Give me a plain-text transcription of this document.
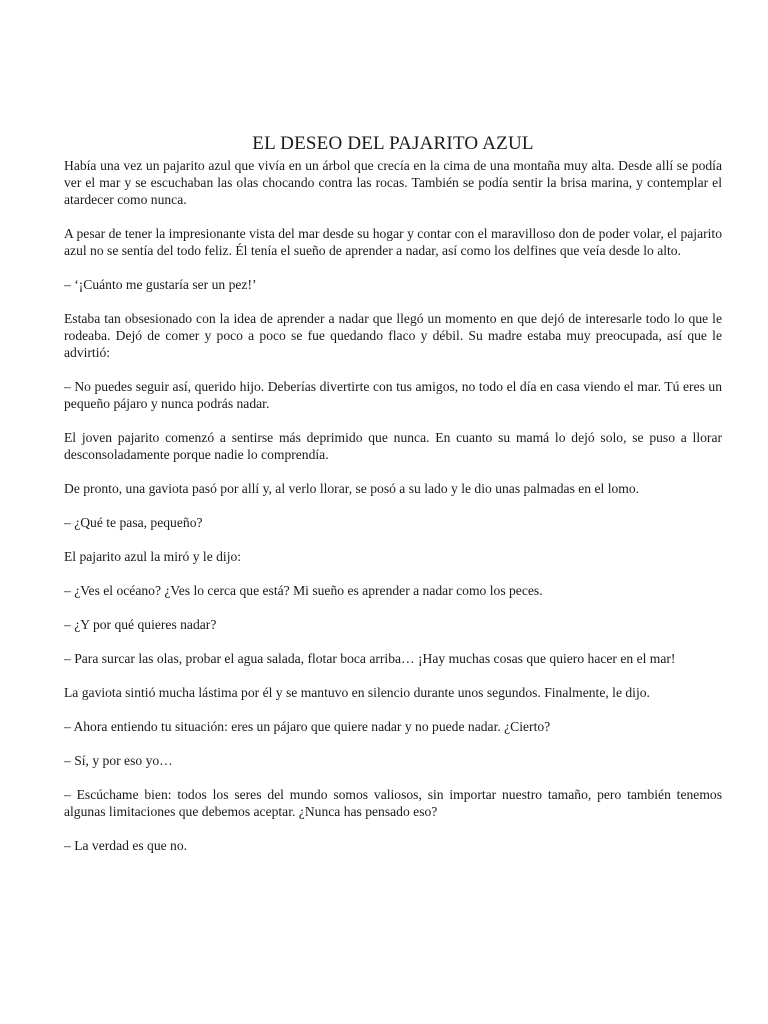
EL DESEO DEL PAJARITO AZUL

Había una vez un pajarito azul que vivía en un árbol que crecía en la cima de una montaña muy alta. Desde allí se podía ver el mar y se escuchaban las olas chocando contra las rocas. También se podía sentir la brisa marina, y contemplar el atardecer como nunca.

A pesar de tener la impresionante vista del mar desde su hogar y contar con el maravilloso don de poder volar, el pajarito azul no se sentía del todo feliz. Él tenía el sueño de aprender a nadar, así como los delfines que veía desde lo alto.

– ‘¡Cuánto me gustaría ser un pez!’

Estaba tan obsesionado con la idea de aprender a nadar que llegó un momento en que dejó de interesarle todo lo que le rodeaba. Dejó de comer y poco a poco se fue quedando flaco y débil. Su madre estaba muy preocupada, así que le advirtió:

– No puedes seguir así, querido hijo. Deberías divertirte con tus amigos, no todo el día en casa viendo el mar. Tú eres un pequeño pájaro y nunca podrás nadar.

El joven pajarito comenzó a sentirse más deprimido que nunca. En cuanto su mamá lo dejó solo, se puso a llorar desconsoladamente porque nadie lo comprendía.

De pronto, una gaviota pasó por allí y, al verlo llorar, se posó a su lado y le dio unas palmadas en el lomo.

– ¿Qué te pasa, pequeño?

El pajarito azul la miró y le dijo:

– ¿Ves el océano? ¿Ves lo cerca que está? Mi sueño es aprender a nadar como los peces.

– ¿Y por qué quieres nadar?

– Para surcar las olas, probar el agua salada, flotar boca arriba… ¡Hay muchas cosas que quiero hacer en el mar!

La gaviota sintió mucha lástima por él y se mantuvo en silencio durante unos segundos. Finalmente, le dijo.

– Ahora entiendo tu situación: eres un pájaro que quiere nadar y no puede nadar. ¿Cierto?

– Sí, y por eso yo…

– Escúchame bien: todos los seres del mundo somos valiosos, sin importar nuestro tamaño, pero también tenemos algunas limitaciones que debemos aceptar. ¿Nunca has pensado eso?

– La verdad es que no.
